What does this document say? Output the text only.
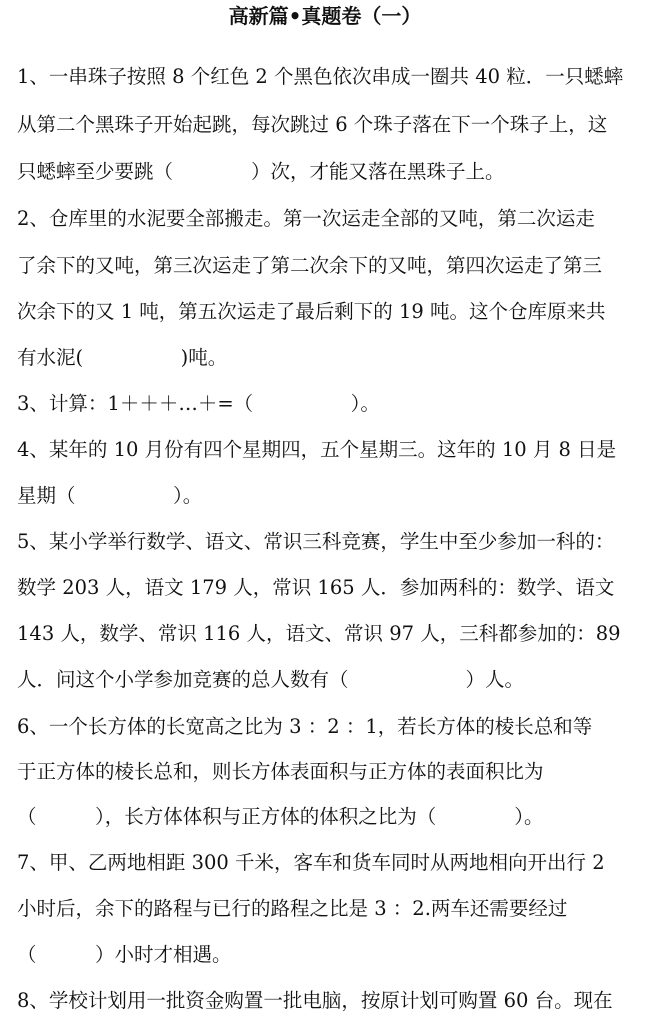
高新篇•真题卷（一）
1、一串珠子按照 8 个红色 2 个黑色依次串成一圈共 40 粒．一只蟋蟀
从第二个黑珠子开始起跳，每次跳过 6 个珠子落在下一个珠子上，这
只蟋蟀至少要跳（　　　　）次，才能又落在黑珠子上。
2、仓库里的水泥要全部搬走。第一次运走全部的又吨，第二次运走
了余下的又吨，第三次运走了第二次余下的又吨，第四次运走了第三
次余下的又 1 吨，第五次运走了最后剩下的 19 吨。这个仓库原来共
有水泥(　　　　　)吨。
3、计算：1＋＋＋…＋=（　　　　　）。
4、某年的 10 月份有四个星期四，五个星期三。这年的 10 月 8 日是
星期（　　　　　）。
5、某小学举行数学、语文、常识三科竞赛，学生中至少参加一科的：
数学 203 人，语文 179 人，常识 165 人．参加两科的：数学、语文
143 人，数学、常识 116 人，语文、常识 97 人，三科都参加的：89
人．问这个小学参加竞赛的总人数有（　　　　　　）人。
6、一个长方体的长宽高之比为 3 ：2 ：1，若长方体的棱长总和等
于正方体的棱长总和，则长方体表面积与正方体的表面积比为
（　　　），长方体体积与正方体的体积之比为（　　　　）。
7、甲、乙两地相距 300 千米，客车和货车同时从两地相向开出行 2
小时后，余下的路程与已行的路程之比是 3 ：2.两车还需要经过
（　　　）小时才相遇。
8、学校计划用一批资金购置一批电脑，按原计划可购置 60 台。现在
